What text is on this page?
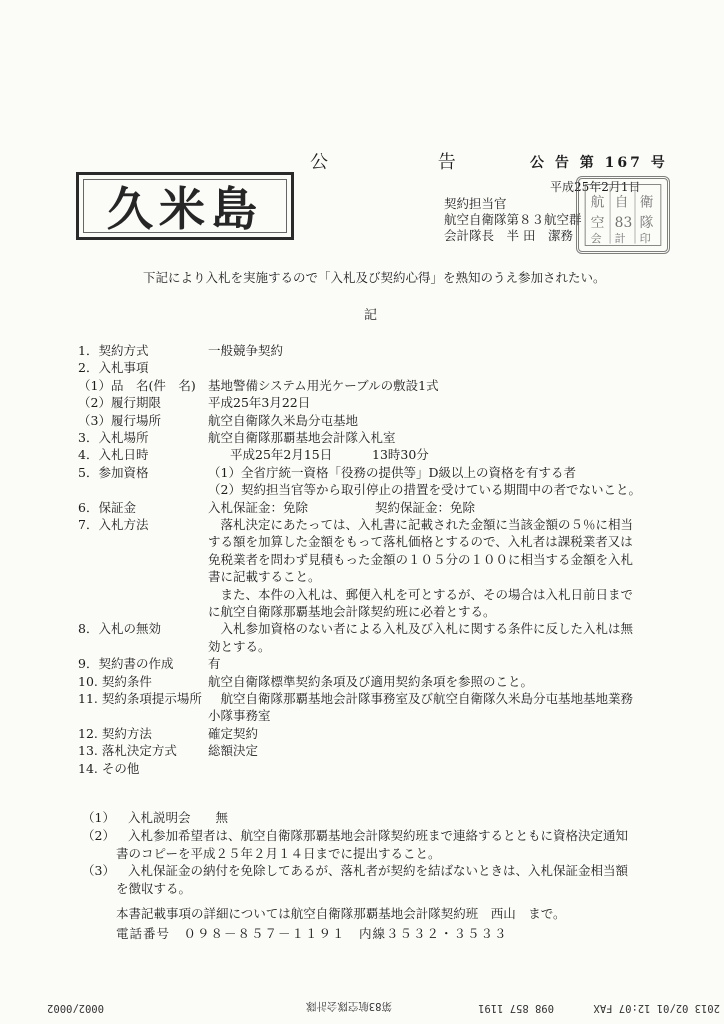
公 告 第 167 号
公 告
平成25年2月1日
久米島	契約担当官
航空自衛隊第８３航空群
会計隊長　半 田　潔務
航 自 衛
空 83 隊
会 計 印
下記により入札を実施するので「入札及び契約心得」を熟知のうえ参加されたい。
記
1．契約方式	一般競争契約
2．入札事項
（1）品　名(件　名) 基地警備システム用光ケーブルの敷設1式
（2）履行期限	平成25年3月22日
（3）履行場所	航空自衛隊久米島分屯基地
3．入札場所	航空自衛隊那覇基地会計隊入札室
4．入札日時	平成25年2月15日	13時30分
5．参加資格	（1）全省庁統一資格「役務の提供等」D級以上の資格を有する者
（2）契約担当官等から取引停止の措置を受けている期間中の者でないこと。
6．保証金	入札保証金：免除	契約保証金：免除
7．入札方法	　落札決定にあたっては、入札書に記載された金額に当該金額の５％に相当
する額を加算した金額をもって落札価格とするので、入札者は課税業者又は
免税業者を問わず見積もった金額の１０５分の１００に相当する金額を入札
書に記載すること。
　また、本件の入札は、郵便入札を可とするが、その場合は入札日前日まで
に航空自衛隊那覇基地会計隊契約班に必着とする。
8．入札の無効	　入札参加資格のない者による入札及び入札に関する条件に反した入札は無
効とする。
9．契約書の作成	有
10. 契約条件	航空自衛隊標準契約条項及び適用契約条項を参照のこと。
11. 契約条項提示場所 　航空自衛隊那覇基地会計隊事務室及び航空自衛隊久米島分屯基地基地業務
小隊事務室
12. 契約方法	確定契約
13. 落札決定方式 総額決定
14. その他
（1） 入札説明会　　無
（2） 入札参加希望者は、航空自衛隊那覇基地会計隊契約班まで連絡するとともに資格決定通知
書のコピーを平成２５年２月１４日までに提出すること。
（3） 入札保証金の納付を免除してあるが、落札者が契約を結ばないときは、入札保証金相当額
を徴収する。
本書記載事項の詳細については航空自衛隊那覇基地会計隊契約班　西山　まで。
電話番号　０９８－８５７－１１９１　内線３５３２・３５３３
2013 02/01 12:07 FAX
098 857 1191
第83航空隊会計隊
0002/0002
